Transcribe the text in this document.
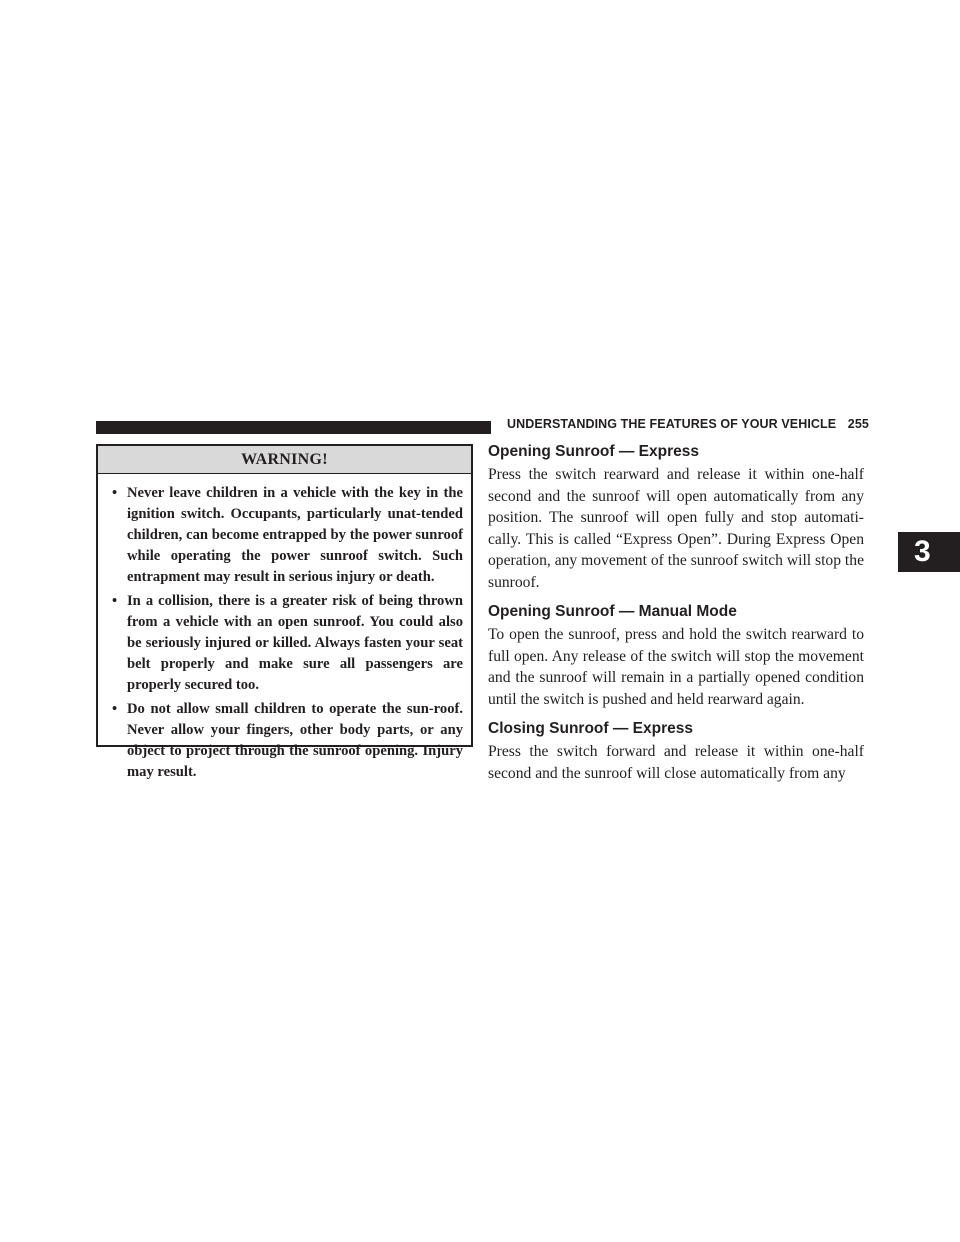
UNDERSTANDING THE FEATURES OF YOUR VEHICLE 255
3
WARNING!
• Never leave children in a vehicle with the key in the ignition switch. Occupants, particularly unat-tended children, can become entrapped by the power sunroof while operating the power sunroof switch. Such entrapment may result in serious injury or death.
• In a collision, there is a greater risk of being thrown from a vehicle with an open sunroof. You could also be seriously injured or killed. Always fasten your seat belt properly and make sure all passengers are properly secured too.
• Do not allow small children to operate the sun-roof. Never allow your fingers, other body parts, or any object to project through the sunroof opening. Injury may result.
Opening Sunroof — Express

Press the switch rearward and release it within one-half second and the sunroof will open automatically from any position. The sunroof will open fully and stop automati-cally. This is called “Express Open”. During Express Open operation, any movement of the sunroof switch will stop the sunroof.

Opening Sunroof — Manual Mode

To open the sunroof, press and hold the switch rearward to full open. Any release of the switch will stop the movement and the sunroof will remain in a partially opened condition until the switch is pushed and held rearward again.

Closing Sunroof — Express

Press the switch forward and release it within one-half second and the sunroof will close automatically from any
